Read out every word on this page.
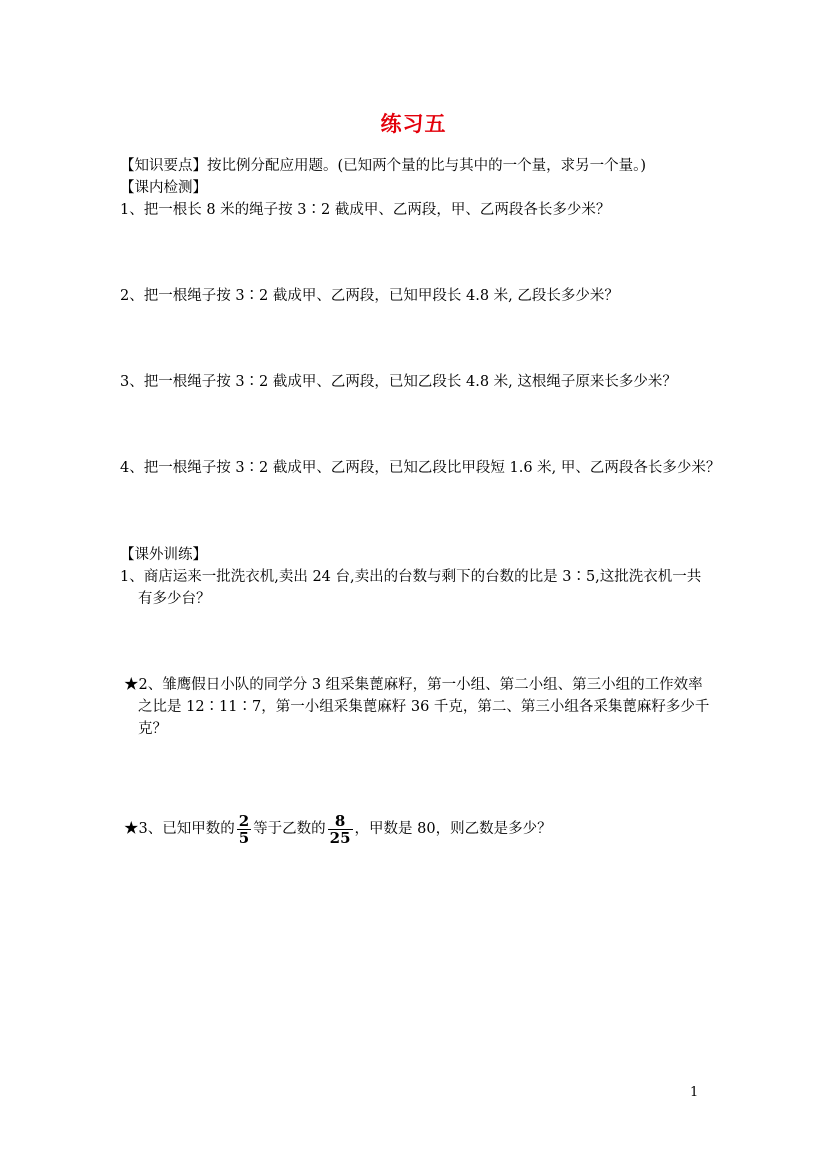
练习五
【知识要点】按比例分配应用题。(已知两个量的比与其中的一个量，求另一个量。)
【课内检测】
1、把一根长 8 米的绳子按 3∶2 截成甲、乙两段，甲、乙两段各长多少米？
2、把一根绳子按 3∶2 截成甲、乙两段，已知甲段长 4.8 米, 乙段长多少米？
3、把一根绳子按 3∶2 截成甲、乙两段，已知乙段长 4.8 米, 这根绳子原来长多少米？
4、把一根绳子按 3∶2 截成甲、乙两段，已知乙段比甲段短 1.6 米, 甲、乙两段各长多少米？
【课外训练】
1、商店运来一批洗衣机,卖出 24 台,卖出的台数与剩下的台数的比是 3∶5,这批洗衣机一共
有多少台？
★2、雏鹰假日小队的同学分 3 组采集蓖麻籽，第一小组、第二小组、第三小组的工作效率
之比是 12∶11∶7，第一小组采集蓖麻籽 36 千克，第二、第三小组各采集蓖麻籽多少千
克？
★3、已知甲数的 $\frac{2}{5}$ 等于乙数的 $\frac{8}{25}$ ，甲数是 80，则乙数是多少？
1
